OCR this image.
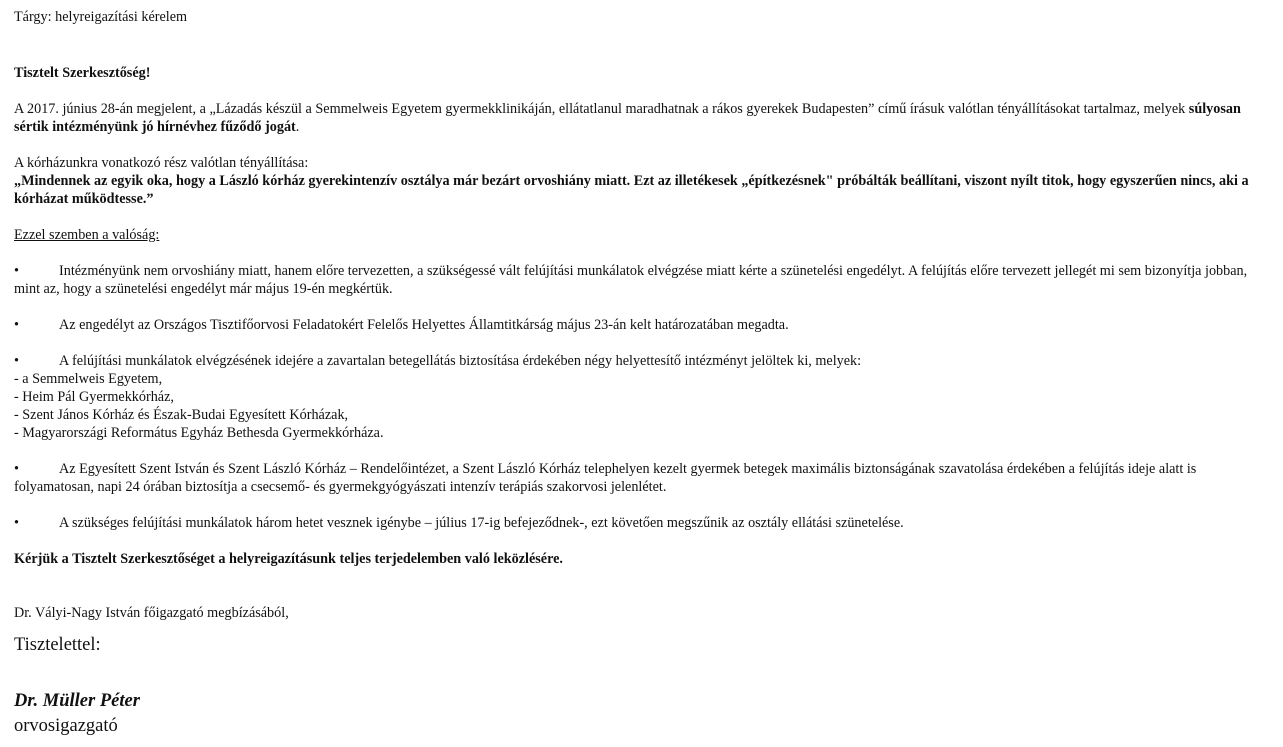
Tárgy: helyreigazítási kérelem

Tisztelt Szerkesztőség!

A 2017. június 28-án megjelent, a „Lázadás készül a Semmelweis Egyetem gyermekklinikáján, ellátatlanul maradhatnak a rákos gyerekek Budapesten” című írásuk valótlan tényállításokat tartalmaz, melyek súlyosan sértik intézményünk jó hírnévhez fűződő jogát.

A kórházunkra vonatkozó rész valótlan tényállítása:

„Mindennek az egyik oka, hogy a László kórház gyerekintenzív osztálya már bezárt orvoshiány miatt. Ezt az illetékesek „építkezésnek" próbálták beállítani, viszont nyílt titok, hogy egyszerűen nincs, aki a kórházat működtesse.”

Ezzel szemben a valóság:

•	Intézményünk nem orvoshiány miatt, hanem előre tervezetten, a szükségessé vált felújítási munkálatok elvégzése miatt kérte a szünetelési engedélyt. A felújítás előre tervezett jellegét mi sem bizonyítja jobban, mint az, hogy a szünetelési engedélyt már május 19-én megkértük.

•	Az engedélyt az Országos Tisztifőorvosi Feladatokért Felelős Helyettes Államtitkárság május 23-án kelt határozatában megadta.

•	A felújítási munkálatok elvégzésének idejére a zavartalan betegellátás biztosítása érdekében négy helyettesítő intézményt jelöltek ki, melyek:

- a Semmelweis Egyetem,

- Heim Pál Gyermekkórház,

- Szent János Kórház és Észak-Budai Egyesített Kórházak,

- Magyarországi Református Egyház Bethesda Gyermekkórháza.

•	Az Egyesített Szent István és Szent László Kórház – Rendelőintézet, a Szent László Kórház telephelyen kezelt gyermek betegek maximális biztonságának szavatolása érdekében a felújítás ideje alatt is folyamatosan, napi 24 órában biztosítja a csecsemő- és gyermekgyógyászati intenzív terápiás szakorvosi jelenlétet.

•	A szükséges felújítási munkálatok három hetet vesznek igénybe – július 17-ig befejeződnek-, ezt követően megszűnik az osztály ellátási szünetelése.

Kérjük a Tisztelt Szerkesztőséget a helyreigazításunk teljes terjedelemben való leközlésére.

Dr. Vályi-Nagy István főigazgató megbízásából,

Tisztelettel:

Dr. Müller Péter

orvosigazgató
